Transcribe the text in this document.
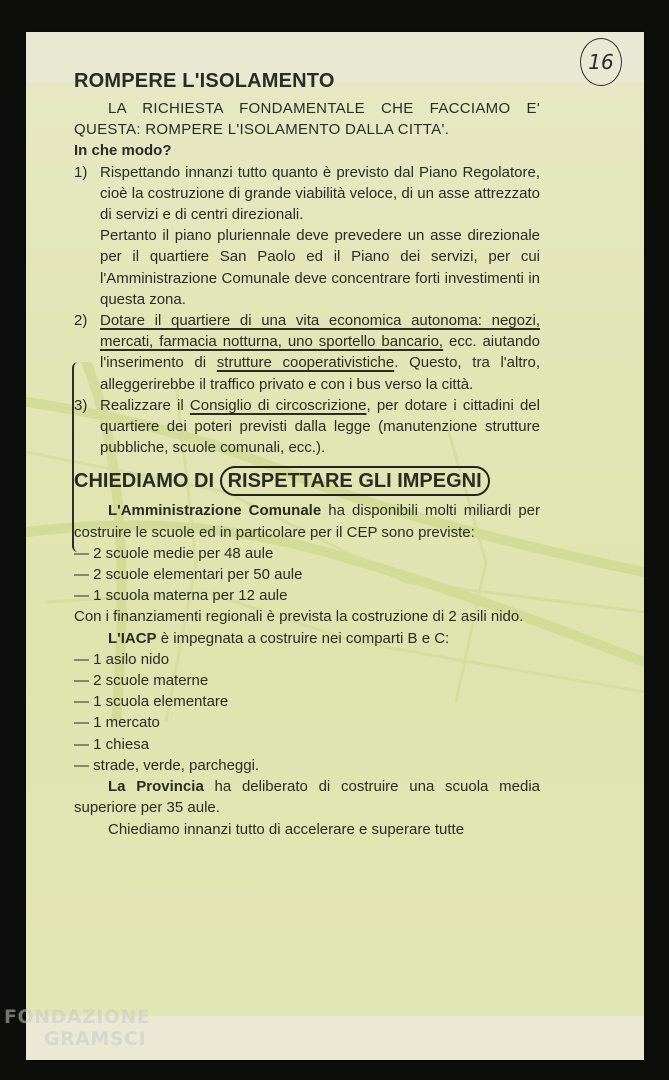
16
ROMPERE L'ISOLAMENTO

LA RICHIESTA FONDAMENTALE CHE FACCIAMO E' QUESTA: ROMPERE L'ISOLAMENTO DALLA CITTA'.

In che modo?

1) Rispettando innanzi tutto quanto è previsto dal Piano Regolatore, cioè la costruzione di grande viabilità veloce, di un asse attrezzato di servizi e di centri direzionali.

Pertanto il piano pluriennale deve prevedere un asse direzionale per il quartiere San Paolo ed il Piano dei servizi, per cui l'Amministrazione Comunale deve concentrare forti investimenti in questa zona.

2) Dotare il quartiere di una vita economica autonoma: negozi, mercati, farmacia notturna, uno sportello bancario, ecc. aiutando l'inserimento di strutture cooperativistiche. Questo, tra l'altro, alleggerirebbe il traffico privato e con i bus verso la città.
3) Realizzare il Consiglio di circoscrizione, per dotare i cittadini del quartiere dei poteri previsti dalla legge (manutenzione strutture pubbliche, scuole comunali, ecc.).
CHIEDIAMO DI RISPETTARE GLI IMPEGNI

L'Amministrazione Comunale ha disponibili molti miliardi per costruire le scuole ed in particolare per il CEP sono previste:

— 2 scuole medie per 48 aule

— 2 scuole elementari per 50 aule

— 1 scuola materna per 12 aule

Con i finanziamenti regionali è prevista la costruzione di 2 asili nido.

L'IACP è impegnata a costruire nei comparti B e C:

— 1 asilo nido

— 2 scuole materne

— 1 scuola elementare

— 1 mercato

— 1 chiesa

— strade, verde, parcheggi.

La Provincia ha deliberato di costruire una scuola media superiore per 35 aule.

Chiediamo innanzi tutto di accelerare e superare tutte

FONDAZIONE
GRAMSCI
